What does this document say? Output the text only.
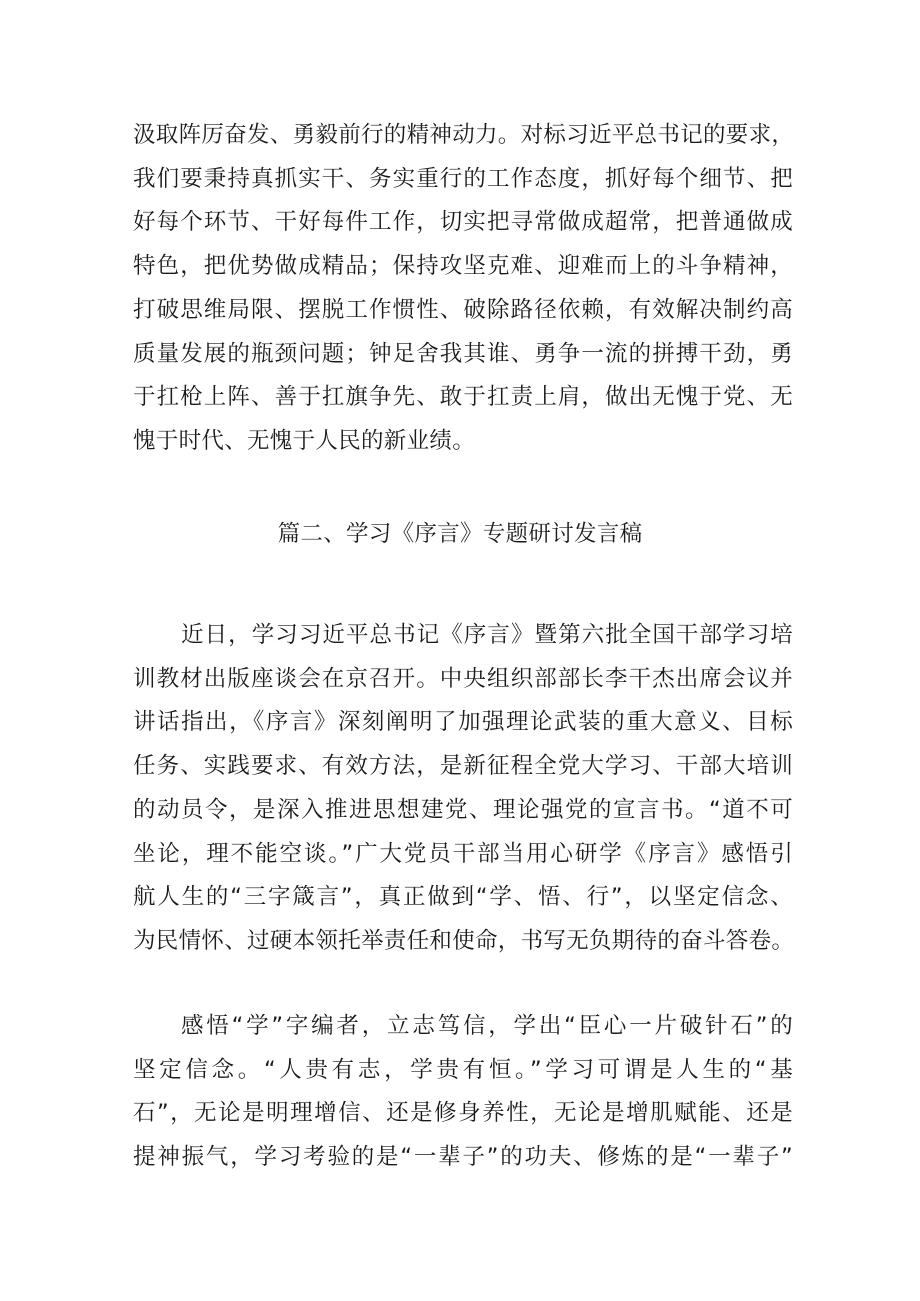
汲取阵厉奋发、勇毅前行的精神动力。对标习近平总书记的要求，
我们要秉持真抓实干、务实重行的工作态度，抓好每个细节、把
好每个环节、干好每件工作，切实把寻常做成超常，把普通做成
特色，把优势做成精品；保持攻坚克难、迎难而上的斗争精神，
打破思维局限、摆脱工作惯性、破除路径依赖，有效解决制约高
质量发展的瓶颈问题；钟足舍我其谁、勇争一流的拼搏干劲，勇
于扛枪上阵、善于扛旗争先、敢于扛责上肩，做出无愧于党、无
愧于时代、无愧于人民的新业绩。
篇二、学习《序言》专题研讨发言稿
近日，学习习近平总书记《序言》暨第六批全国干部学习培
训教材出版座谈会在京召开。中央组织部部长李干杰出席会议并
讲话指出，《序言》深刻阐明了加强理论武装的重大意义、目标
任务、实践要求、有效方法，是新征程全党大学习、干部大培训
的动员令，是深入推进思想建党、理论强党的宣言书。“道不可
坐论，理不能空谈。”广大党员干部当用心研学《序言》感悟引
航人生的“三字箴言”，真正做到“学、悟、行”，以坚定信念、
为民情怀、过硬本领托举责任和使命，书写无负期待的奋斗答卷。
感悟“学”字编者，立志笃信，学出“臣心一片破针石”的
坚定信念。“人贵有志，学贵有恒。”学习可谓是人生的“基
石”，无论是明理增信、还是修身养性，无论是增肌赋能、还是
提神振气，学习考验的是“一辈子”的功夫、修炼的是“一辈子”
